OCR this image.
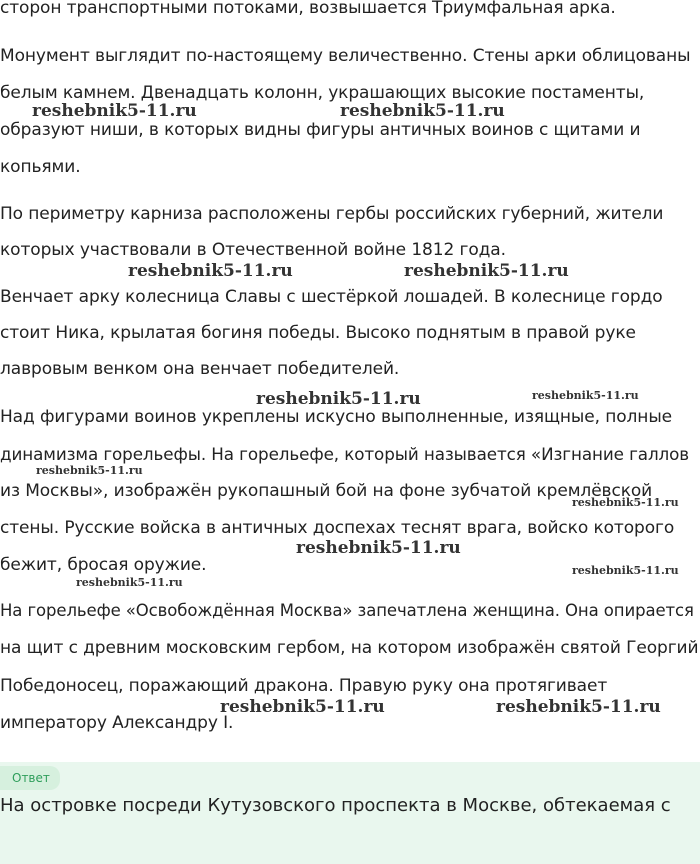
сторон транспортными потоками, возвышается Триумфальная арка.
Монумент выглядит по-настоящему величественно. Стены арки облицованы
белым камнем. Двенадцать колонн, украшающих высокие постаменты,
образуют ниши, в которых видны фигуры античных воинов с щитами и
копьями.
По периметру карниза расположены гербы российских губерний, жители
которых участвовали в Отечественной войне 1812 года.
Венчает арку колесница Славы с шестёркой лошадей. В колеснице гордо
стоит Ника, крылатая богиня победы. Высоко поднятым в правой руке
лавровым венком она венчает победителей.
Над фигурами воинов укреплены искусно выполненные, изящные, полные
динамизма горельефы. На горельефе, который называется «Изгнание галлов
из Москвы», изображён рукопашный бой на фоне зубчатой кремлёвской
стены. Русские войска в античных доспехах теснят врага, войско которого
бежит, бросая оружие.
На горельефе «Освобождённая Москва» запечатлена женщина. Она опирается
на щит с древним московским гербом, на котором изображён святой Георгий
Победоносец, поражающий дракона. Правую руку она протягивает
императору Александру I.
reshebnik5-11.ru	reshebnik5-11.ru
reshebnik5-11.ru	reshebnik5-11.ru
reshebnik5-11.ru	reshebnik5-11.ru
reshebnik5-11.ru
reshebnik5-11.ru
reshebnik5-11.ru
reshebnik5-11.ru
reshebnik5-11.ru
reshebnik5-11.ru	reshebnik5-11.ru
Ответ
На островке посреди Кутузовского проспекта в Москве, обтекаемая с
